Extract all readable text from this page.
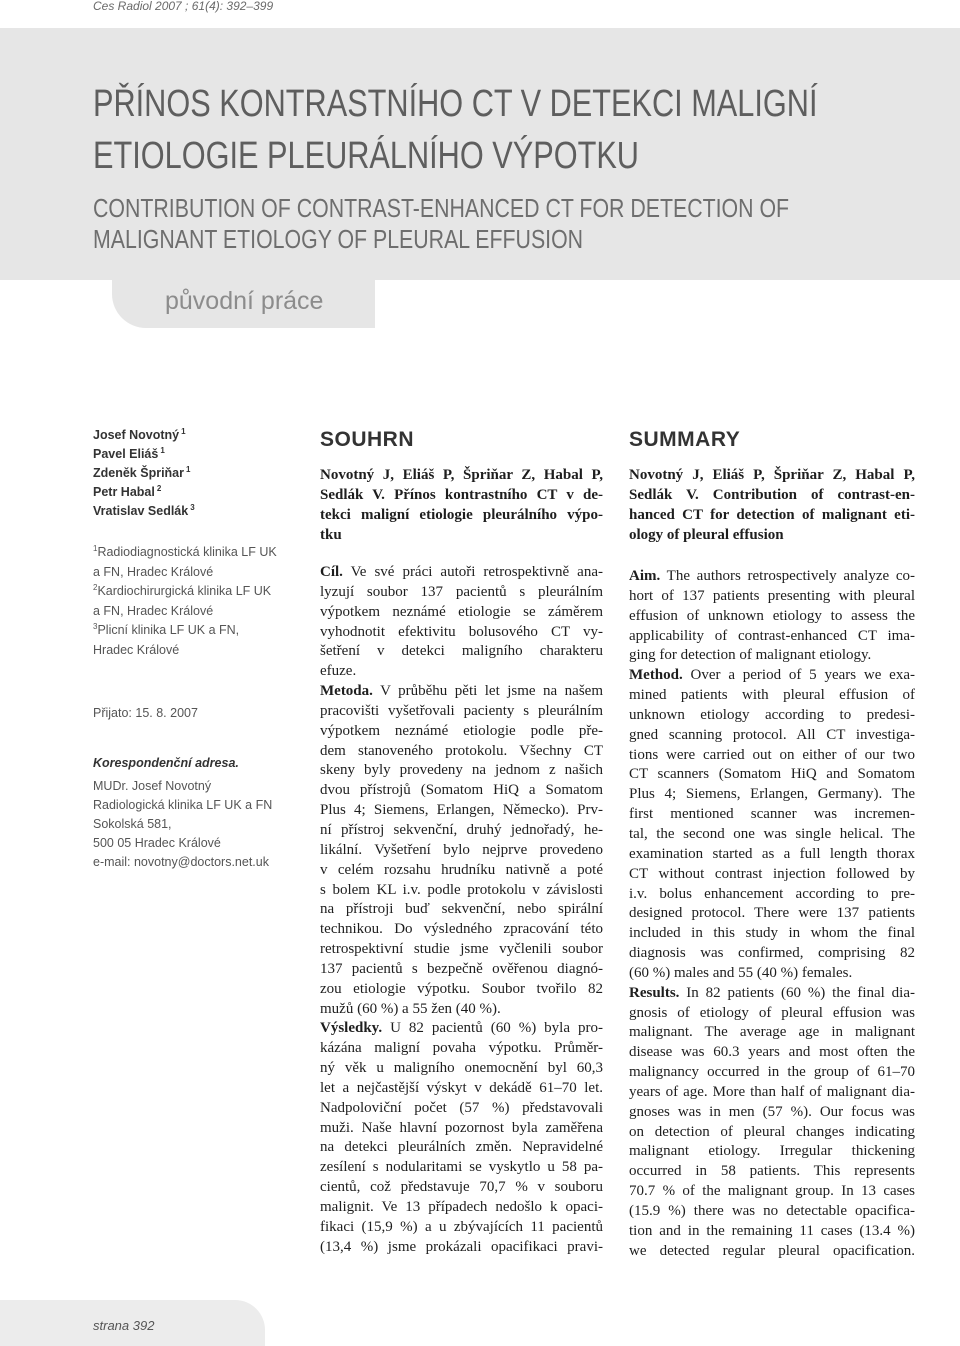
Ces Radiol 2007 ; 61(4): 392–399
původní práce
PŘÍNOS KONTRASTNÍHO CT V DETEKCI MALIGNÍ
ETIOLOGIE PLEURÁLNÍHO VÝPOTKU
CONTRIBUTION OF CONTRAST-ENHANCED CT FOR DETECTION OF
MALIGNANT ETIOLOGY OF PLEURAL EFFUSION
Josef Novotný $^1$
Pavel Eliáš $^1$
Zdeněk Špriňar $^1$
Petr Habal $^2$
Vratislav Sedlák $^3$
$^1$Radiodiagnostická klinika LF UK
a FN, Hradec Králové
$^2$Kardiochirurgická klinika LF UK
a FN, Hradec Králové
$^3$Plicní klinika LF UK a FN,
Hradec Králové
Přijato: 15. 8. 2007
Korespondenční adresa.
MUDr. Josef Novotný
Radiologická klinika LF UK a FN
Sokolská 581,
500 05 Hradec Králové
e-mail: novotny@doctors.net.uk
SOUHRN
Novotný J, Eliáš P, Špriňar Z, Habal P,
Sedlák V. Přínos kontrastního CT v de-
tekci maligní etiologie pleurálního výpo-
tku
Cíl. Ve své práci autoři retrospektivně ana-
lyzují soubor 137 pacientů s pleurálním
výpotkem neznámé etiologie se záměrem
vyhodnotit efektivitu bolusového CT vy-
šetření v detekci maligního charakteru
efuze.
Metoda. V průběhu pěti let jsme na našem
pracovišti vyšetřovali pacienty s pleurálním
výpotkem neznámé etiologie podle pře-
dem stanoveného protokolu. Všechny CT
skeny byly provedeny na jednom z našich
dvou přístrojů (Somatom HiQ a Somatom
Plus 4; Siemens, Erlangen, Německo). Prv-
ní přístroj sekvenční, druhý jednořadý, he-
likální. Vyšetření bylo nejprve provedeno
v celém rozsahu hrudníku nativně a poté
s bolem KL i.v. podle protokolu v závislosti
na přístroji buď sekvenční, nebo spirální
technikou. Do výsledného zpracování této
retrospektivní studie jsme vyčlenili soubor
137 pacientů s bezpečně ověřenou diagnó-
zou etiologie výpotku. Soubor tvořilo 82
mužů (60 %) a 55 žen (40 %).
Výsledky. U 82 pacientů (60 %) byla pro-
kázána maligní povaha výpotku. Průměr-
ný věk u maligního onemocnění byl 60,3
let a nejčastější výskyt v dekádě 61–70 let.
Nadpoloviční počet (57 %) představovali
muži. Naše hlavní pozornost byla zaměřena
na detekci pleurálních změn. Nepravidelné
zesílení s nodularitami se vyskytlo u 58 pa-
cientů, což představuje 70,7 % v souboru
malignit. Ve 13 případech nedošlo k opaci-
fikaci (15,9 %) a u zbývajících 11 pacientů
(13,4 %) jsme prokázali opacifikaci pravi-
SUMMARY
Novotný J, Eliáš P, Špriňar Z, Habal P,
Sedlák V. Contribution of contrast-en-
hanced CT for detection of malignant eti-
ology of pleural effusion
Aim. The authors retrospectively analyze co-
hort of 137 patients presenting with pleural
effusion of unknown etiology to assess the
applicability of contrast-enhanced CT ima-
ging for detection of malignant etiology.
Method. Over a period of 5 years we exa-
mined patients with pleural effusion of
unknown etiology according to predesi-
gned scanning protocol. All CT investiga-
tions were carried out on either of our two
CT scanners (Somatom HiQ and Somatom
Plus 4; Siemens, Erlangen, Germany). The
first mentioned scanner was incremen-
tal, the second one was single helical. The
examination started as a full length thorax
CT without contrast injection followed by
i.v. bolus enhancement according to pre-
designed protocol. There were 137 patients
included in this study in whom the final
diagnosis was confirmed, comprising 82
(60 %) males and 55 (40 %) females.
Results. In 82 patients (60 %) the final dia-
gnosis of etiology of pleural effusion was
malignant. The average age in malignant
disease was 60.3 years and most often the
malignancy occurred in the group of 61–70
years of age. More than half of malignant dia-
gnoses was in men (57 %). Our focus was
on detection of pleural changes indicating
malignant etiology. Irregular thickening
occurred in 58 patients. This represents
70.7 % of the malignant group. In 13 cases
(15.9 %) there was no detectable opacifica-
tion and in the remaining 11 cases (13.4 %)
we detected regular pleural opacification.
strana 392
